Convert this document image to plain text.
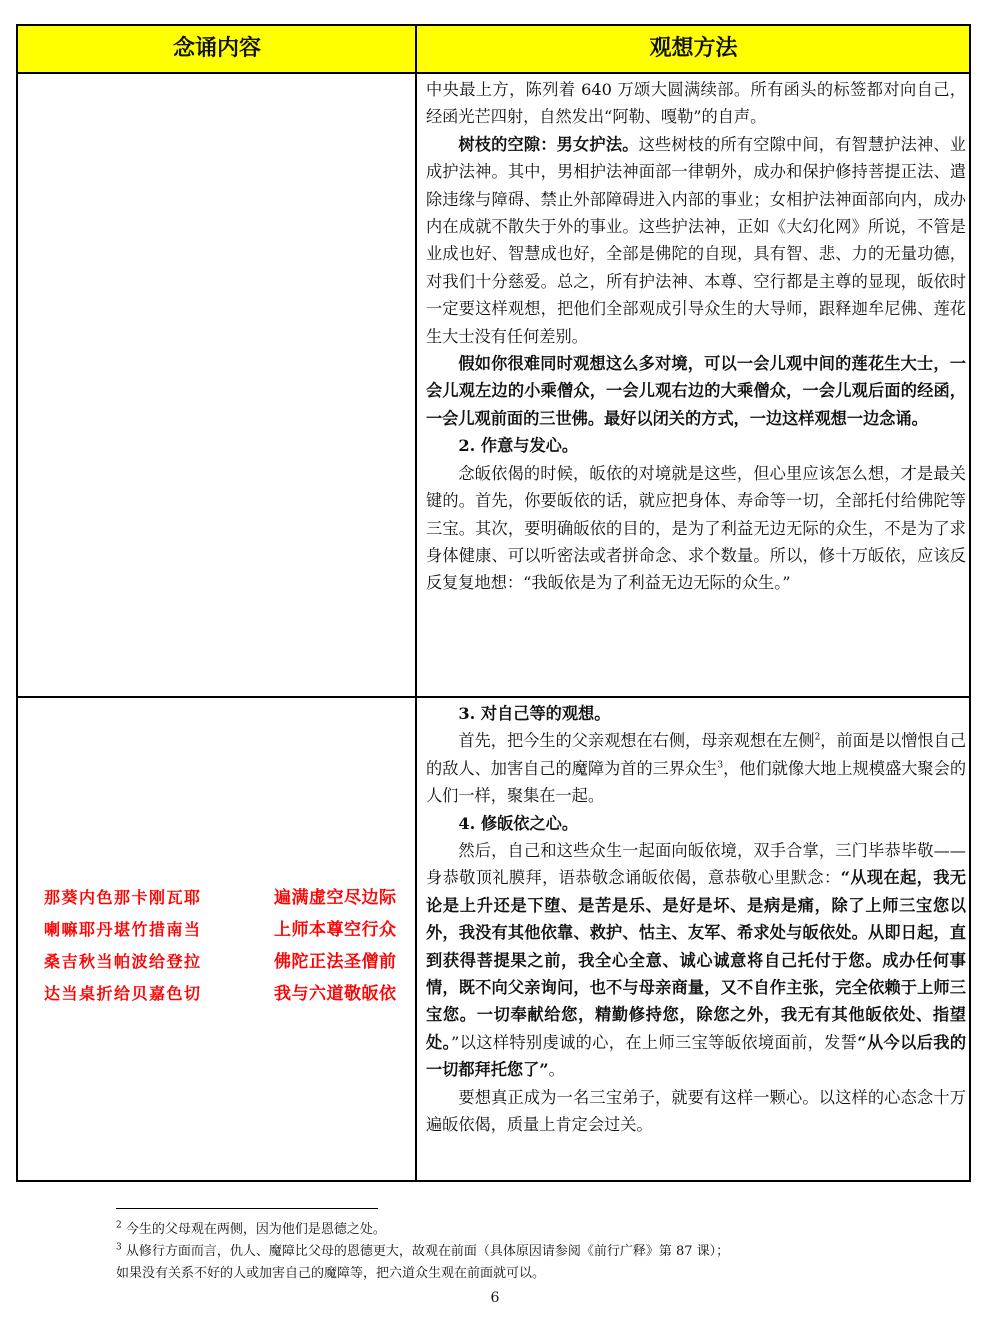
念诵内容	观想方法

中央最上方，陈列着 640 万颂大圆满续部。所有函头的标签都对向自己，经函光芒四射，自然发出“阿勒、嘎勒”的自声。

树枝的空隙：男女护法。这些树枝的所有空隙中间，有智慧护法神、业成护法神。其中，男相护法神面部一律朝外，成办和保护修持菩提正法、遣除违缘与障碍、禁止外部障碍进入内部的事业；女相护法神面部向内，成办内在成就不散失于外的事业。这些护法神，正如《大幻化网》所说，不管是业成也好、智慧成也好，全部是佛陀的自现，具有智、悲、力的无量功德，对我们十分慈爱。总之，所有护法神、本尊、空行都是主尊的显现，皈依时一定要这样观想，把他们全部观成引导众生的大导师，跟释迦牟尼佛、莲花生大士没有任何差别。

假如你很难同时观想这么多对境，可以一会儿观中间的莲花生大士，一会儿观左边的小乘僧众，一会儿观右边的大乘僧众，一会儿观后面的经函，一会儿观前面的三世佛。最好以闭关的方式，一边这样观想一边念诵。

2. 作意与发心。

念皈依偈的时候，皈依的对境就是这些，但心里应该怎么想，才是最关键的。首先，你要皈依的话，就应把身体、寿命等一切，全部托付给佛陀等三宝。其次，要明确皈依的目的，是为了利益无边无际的众生，不是为了求身体健康、可以听密法或者拼命念、求个数量。所以，修十万皈依，应该反反复复地想：“我皈依是为了利益无边无际的众生。”

3. 对自己等的观想。

首先，把今生的父亲观想在右侧，母亲观想在左侧$^2$，前面是以憎恨自己的敌人、加害自己的魔障为首的三界众生$^3$，他们就像大地上规模盛大聚会的人们一样，聚集在一起。

4. 修皈依之心。

然后，自己和这些众生一起面向皈依境，双手合掌，三门毕恭毕敬——身恭敬顶礼膜拜，语恭敬念诵皈依偈，意恭敬心里默念：“从现在起，我无论是上升还是下堕、是苦是乐、是好是坏、是病是痛，除了上师三宝您以外，我没有其他依靠、救护、怙主、友军、希求处与皈依处。从即日起，直到获得菩提果之前，我全心全意、诚心诚意将自己托付于您。成办任何事情，既不向父亲询问，也不与母亲商量，又不自作主张，完全依赖于上师三宝您。一切奉献给您，精勤修持您，除您之外，我无有其他皈依处、指望处。”以这样特别虔诚的心，在上师三宝等皈依境面前，发誓“从今以后我的一切都拜托您了”。

要想真正成为一名三宝弟子，就要有这样一颗心。以这样的心态念十万遍皈依偈，质量上肯定会过关。

那葵内色那卡刚瓦耶
喇嘛耶丹堪竹措南当
桑吉秋当帕波给登拉
达当桌折给贝嘉色切
遍满虚空尽边际
上师本尊空行众
佛陀正法圣僧前
我与六道敬皈依
$^2$ 今生的父母观在两侧，因为他们是恩德之处。
$^3$ 从修行方面而言，仇人、魔障比父母的恩德更大，故观在前面（具体原因请参阅《前行广释》第 87 课）；
如果没有关系不好的人或加害自己的魔障等，把六道众生观在前面就可以。
6
